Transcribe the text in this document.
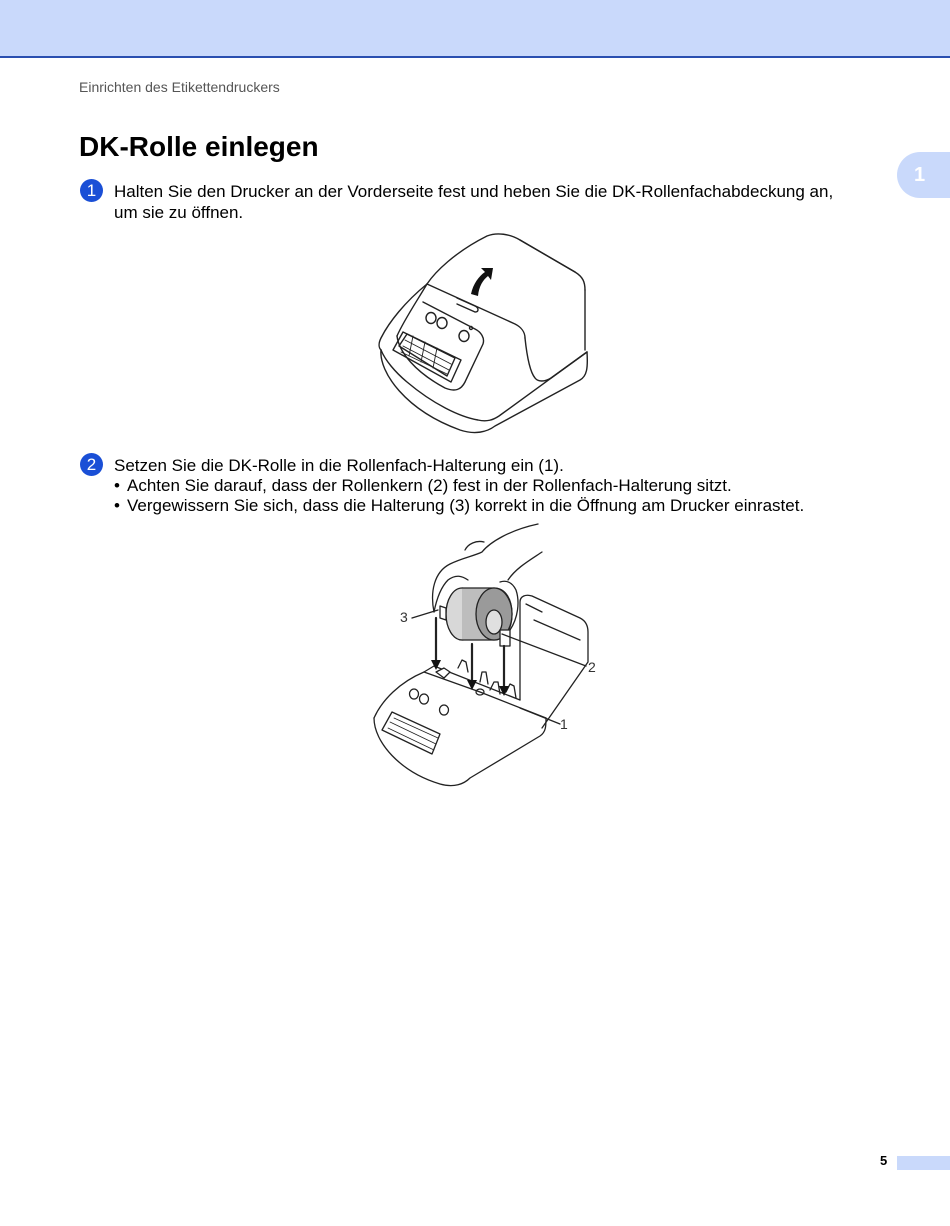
Einrichten des Etikettendruckers
1
DK-Rolle einlegen
1	Halten Sie den Drucker an der Vorderseite fest und heben Sie die DK-Rollenfachabdeckung an, um sie zu öffnen.
2	Setzen Sie die DK-Rolle in die Rollenfach-Halterung ein (1).
• Achten Sie darauf, dass der Rollenkern (2) fest in der Rollenfach-Halterung sitzt.
• Vergewissern Sie sich, dass die Halterung (3) korrekt in die Öffnung am Drucker einrastet.
3
2
1
5
